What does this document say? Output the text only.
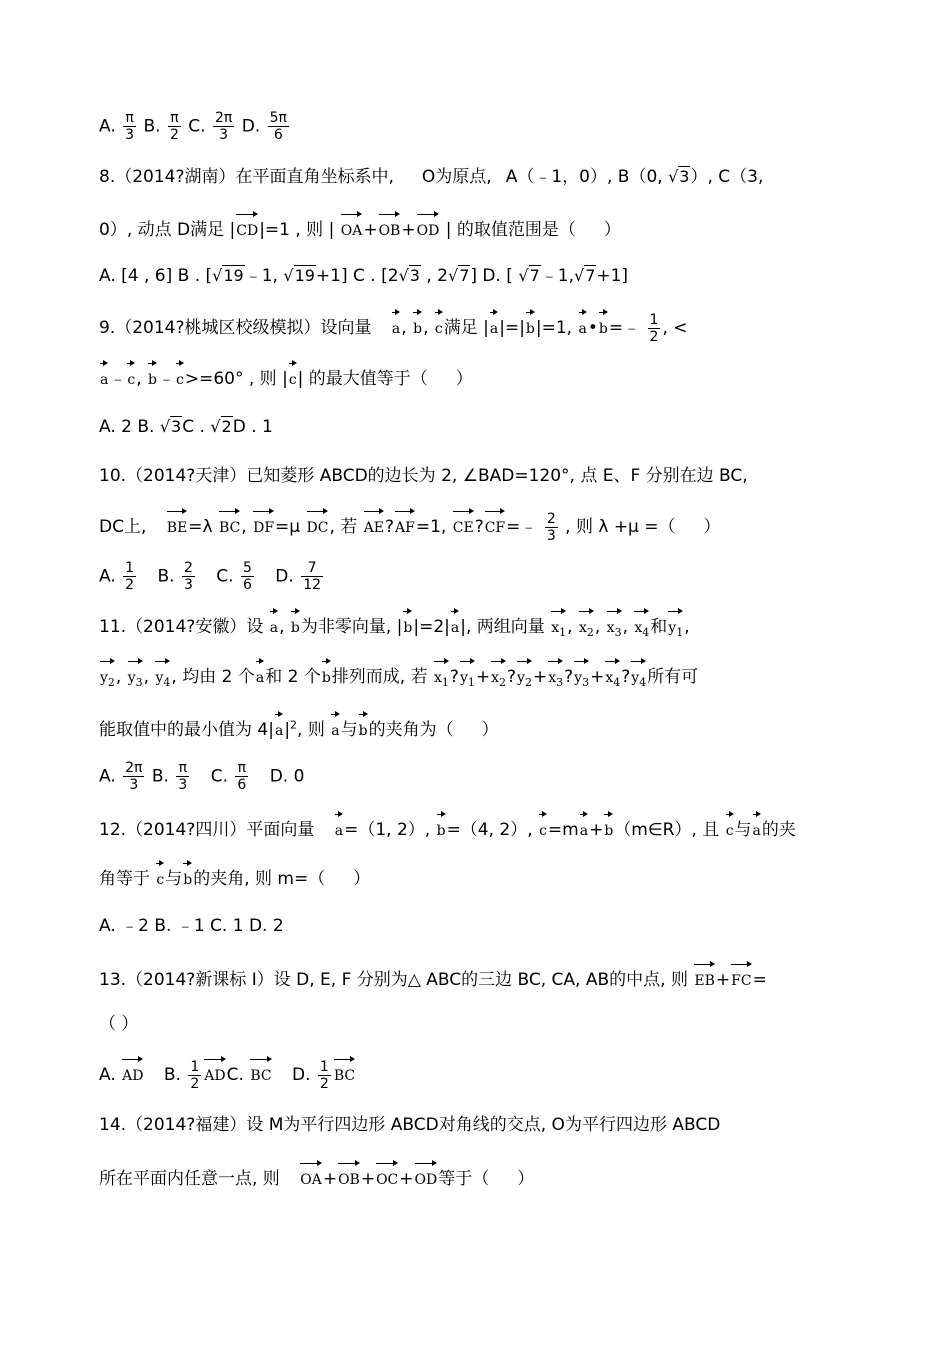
A. $\frac{\pi}{3} B$. $\frac{\pi}{2} C$. $\frac{2\pi}{3} D$. $\frac{5\pi}{6}$
8.（2014?湖南）在平面直角坐标系中, O为原点, A（﹣1，0）, B（0, √3）, C（3,
0）, 动点 D满足 |CD|=1 , 则 | OA+OB+OD | 的取值范围是（ ）
A. [4 , 6] B . [√19﹣1, √19+1] C . [2√3 , 2√7] D. [ √7﹣1,√7+1]
9.（2014?桃城区校级模拟）设向量 a, b, c满足 |a|=|b|=1, a•b=﹣ $\frac{1}{2}$ , <
a﹣c, b﹣c>=60° , 则 |c| 的最大值等于（ ）
A. 2 B. √3C . √2D . 1
10.（2014?天津）已知菱形 ABCD的边长为 2, ∠BAD=120°, 点 E、F 分别在边 BC,
DC上, BE=λ BC, DF=μ DC, 若 AE?AF=1, CE?CF=﹣ $\frac{2}{3}$ , 则 λ +μ =（ ）
A. $\frac{1}{2} B$. $\frac{2}{3} C$. $\frac{5}{6} D$. $\frac{7}{12}$
11.（2014?安徽）设 a, b为非零向量, |b|=2|a|, 两组向量 $x_1$, $x_2$, $x_3$, $x_4$和$y_1$,
$y_2$, $y_3$, $y_4$, 均由 2 个a和 2 个b排列而成, 若 $x_1?y_1+x_2?y_2+x_3?y_3+x_4?y_4$所有可
能取值中的最小值为 $4|a|^2$, 则 a与b的夹角为（ ）
A. $\frac{2\pi}{3} B$. $\frac{\pi}{3} C$. $\frac{\pi}{6} D$. 0
12.（2014?四川）平面向量 a=（1, 2）, b=（4, 2）, c=ma+b（m∈R）, 且 c与a的夹
角等于 c与b的夹角, 则 m=（ ）
A. ﹣2 B. ﹣1 C. 1 D. 2
13.（2014?新课标 I）设 D, E, F 分别为△ ABC的三边 BC, CA, AB的中点, 则 EB+FC=
（ ）
A. AD B. $\frac{1}{2}$ ADC. BC D. $\frac{1}{2}$ BC
14.（2014?福建）设 M为平行四边形 ABCD对角线的交点, O为平行四边形 ABCD
所在平面内任意一点, 则 OA+OB+OC+OD等于（ ）
